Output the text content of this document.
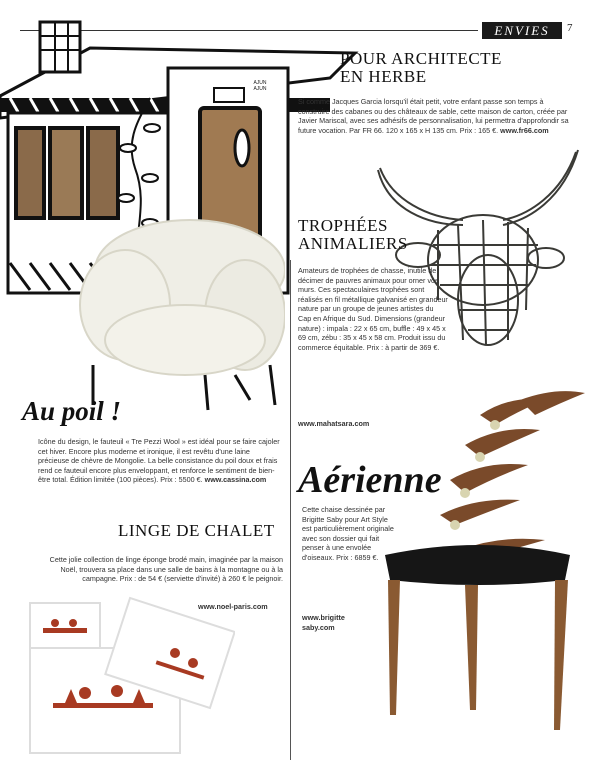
ENVIES	7
AJUN AJUN
POUR ARCHITECTE
EN HERBE
Si comme Jacques Garcia lorsqu'il était petit, votre enfant passe son temps à construire des cabanes ou des châteaux de sable, cette maison de carton, créée par Javier Mariscal, avec ses adhésifs de personnalisation, lui permettra d'approfondir sa future vocation. Par FR 66. 120 x 165 x H 135 cm. Prix : 165 €. www.fr66.com
TROPHÉES
ANIMALIERS
Amateurs de trophées de chasse, inutile de décimer de pauvres animaux pour orner vos murs. Ces spectaculaires trophées sont réalisés en fil métallique galvanisé en grandeur nature par un groupe de jeunes artistes du Cap en Afrique du Sud. Dimensions (grandeur nature) : impala : 22 x 65 cm, buffle : 49 x 45 x 69 cm, zébu : 35 x 45 x 58 cm. Produit issu du commerce équitable. Prix : à partir de 369 €.
www.mahatsara.com
Au poil !
Icône du design, le fauteuil « Tre Pezzi Wool » est idéal pour se faire cajoler cet hiver. Encore plus moderne et ironique, il est revêtu d'une laine précieuse de chèvre de Mongolie. La belle consistance du poil doux et frais rend ce fauteuil encore plus enveloppant, et renforce le sentiment de bien-être total. Édition limitée (100 pièces). Prix : 5500 €. www.cassina.com
LINGE DE CHALET
Cette jolie collection de linge éponge brodé main, imaginée par la maison Noël, trouvera sa place dans une salle de bains à la montagne ou à la campagne. Prix : de 54 € (serviette d'invité) à 260 € le peignoir.
www.noel-paris.com
Aérienne
Cette chaise dessinée par Brigitte Saby pour Art Style est particulièrement originale avec son dossier qui fait penser à une envolée d'oiseaux. Prix : 6859 €.
www.brigitte
saby.com
